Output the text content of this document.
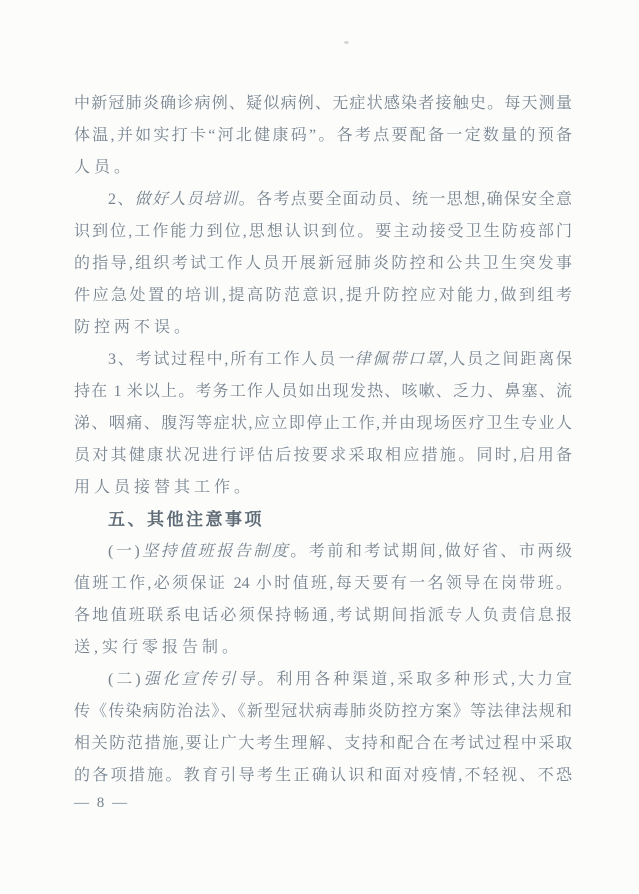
中新冠肺炎确诊病例、疑似病例、无症状感染者接触史。每天测量
体温,并如实打卡“河北健康码”。各考点要配备一定数量的预备
人员。
2、做好人员培训。各考点要全面动员、统一思想,确保安全意
识到位,工作能力到位,思想认识到位。要主动接受卫生防疫部门
的指导,组织考试工作人员开展新冠肺炎防控和公共卫生突发事
件应急处置的培训,提高防范意识,提升防控应对能力,做到组考
防控两不误。
3、考试过程中,所有工作人员一律佩带口罩,人员之间距离保
持在 1 米以上。考务工作人员如出现发热、咳嗽、乏力、鼻塞、流
涕、咽痛、腹泻等症状,应立即停止工作,并由现场医疗卫生专业人
员对其健康状况进行评估后按要求采取相应措施。同时,启用备
用人员接替其工作。
五、其他注意事项
(一)坚持值班报告制度。考前和考试期间,做好省、市两级
值班工作,必须保证 24 小时值班,每天要有一名领导在岗带班。
各地值班联系电话必须保持畅通,考试期间指派专人负责信息报
送,实行零报告制。
(二)强化宣传引导。利用各种渠道,采取多种形式,大力宣
传《传染病防治法》、《新型冠状病毒肺炎防控方案》等法律法规和
相关防范措施,要让广大考生理解、支持和配合在考试过程中采取
的各项措施。教育引导考生正确认识和面对疫情,不轻视、不恐
— 8 —
